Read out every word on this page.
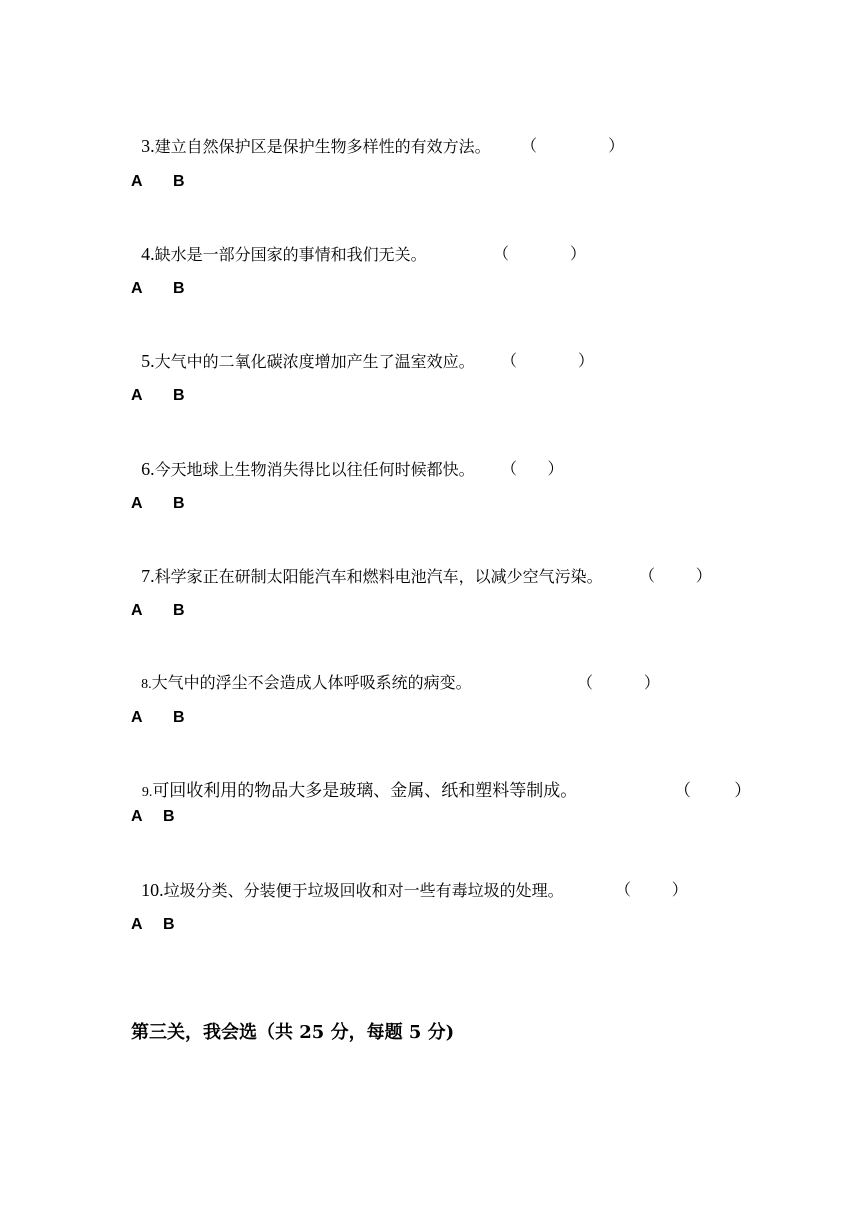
3.建立自然保护区是保护生物多样性的有效方法。 （              ）

A B

4.缺水是一部分国家的事情和我们无关。	（            ）

A B

5.大气中的二氧化碳浓度增加产生了温室效应。 （            ）

A B

6.今天地球上生物消失得比以往任何时候都快。 （      ）

A B

7.科学家正在研制太阳能汽车和燃料电池汽车，以减少空气污染。 （        ）

A B

8.大气中的浮尘不会造成人体呼吸系统的病变。	（          ）

A B

9.可回收利用的物品大多是玻璃、金属、纸和塑料等制成。	（        ）

A B

10.垃圾分类、分装便于垃圾回收和对一些有毒垃圾的处理。	（        ）

A B
第三关，我会选（共 25 分，每题 5 分)
